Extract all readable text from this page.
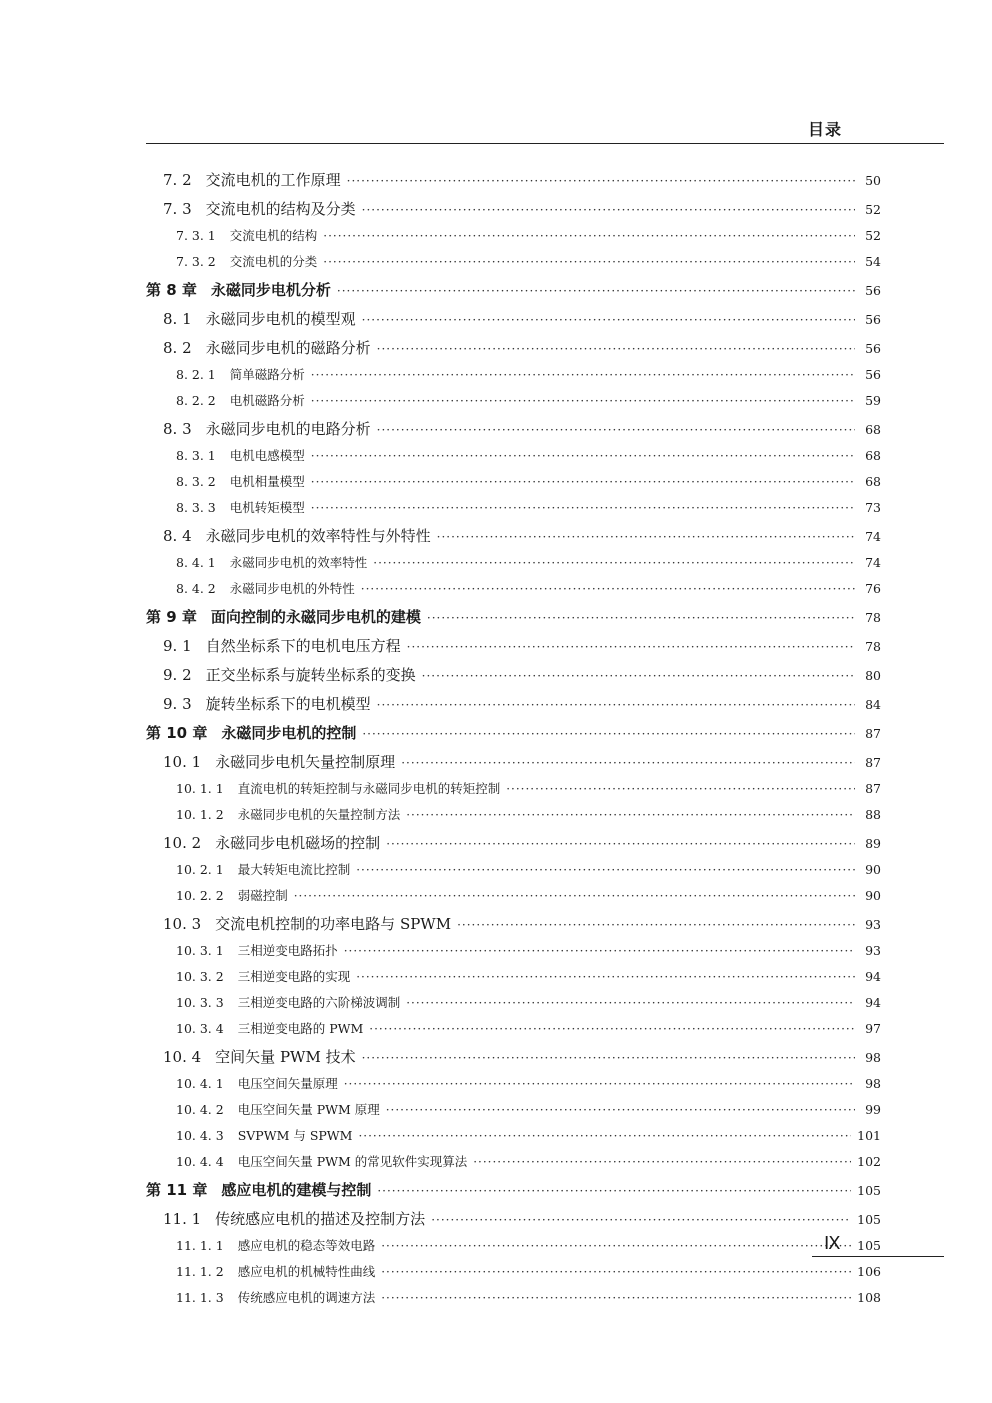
目录
7. 2 交流电机的工作原理 ·····	50
7. 3 交流电机的结构及分类 ·····	52
7. 3. 1 交流电机的结构 ·····	52
7. 3. 2 交流电机的分类 ·····	54
第 8 章 永磁同步电机分析 ·····	56
8. 1 永磁同步电机的模型观 ·····	56
8. 2 永磁同步电机的磁路分析 ·····	56
8. 2. 1 简单磁路分析 ·····	56
8. 2. 2 电机磁路分析 ·····	59
8. 3 永磁同步电机的电路分析 ·····	68
8. 3. 1 电机电感模型 ·····	68
8. 3. 2 电机相量模型 ·····	68
8. 3. 3 电机转矩模型 ·····	73
8. 4 永磁同步电机的效率特性与外特性 ·····	74
8. 4. 1 永磁同步电机的效率特性 ·····	74
8. 4. 2 永磁同步电机的外特性 ·····	76
第 9 章 面向控制的永磁同步电机的建模 ·····	78
9. 1 自然坐标系下的电机电压方程 ·····	78
9. 2 正交坐标系与旋转坐标系的变换 ·····	80
9. 3 旋转坐标系下的电机模型 ·····	84
第 10 章 永磁同步电机的控制 ·····	87
10. 1 永磁同步电机矢量控制原理 ·····	87
10. 1. 1 直流电机的转矩控制与永磁同步电机的转矩控制 ·····	87
10. 1. 2 永磁同步电机的矢量控制方法 ·····	88
10. 2 永磁同步电机磁场的控制 ·····	89
10. 2. 1 最大转矩电流比控制 ·····	90
10. 2. 2 弱磁控制 ·····	90
10. 3 交流电机控制的功率电路与 SPWM ·····	93
10. 3. 1 三相逆变电路拓扑 ·····	93
10. 3. 2 三相逆变电路的实现 ·····	94
10. 3. 3 三相逆变电路的六阶梯波调制 ·····	94
10. 3. 4 三相逆变电路的 PWM ·····	97
10. 4 空间矢量 PWM 技术 ·····	98
10. 4. 1 电压空间矢量原理 ·····	98
10. 4. 2 电压空间矢量 PWM 原理 ·····	99
10. 4. 3 SVPWM 与 SPWM ·····	101
10. 4. 4 电压空间矢量 PWM 的常见软件实现算法 ·····	102
第 11 章 感应电机的建模与控制 ·····	105
11. 1 传统感应电机的描述及控制方法 ·····	105
11. 1. 1 感应电机的稳态等效电路 ·····	105
11. 1. 2 感应电机的机械特性曲线 ·····	106
11. 1. 3 传统感应电机的调速方法 ·····	108
Ⅸ
